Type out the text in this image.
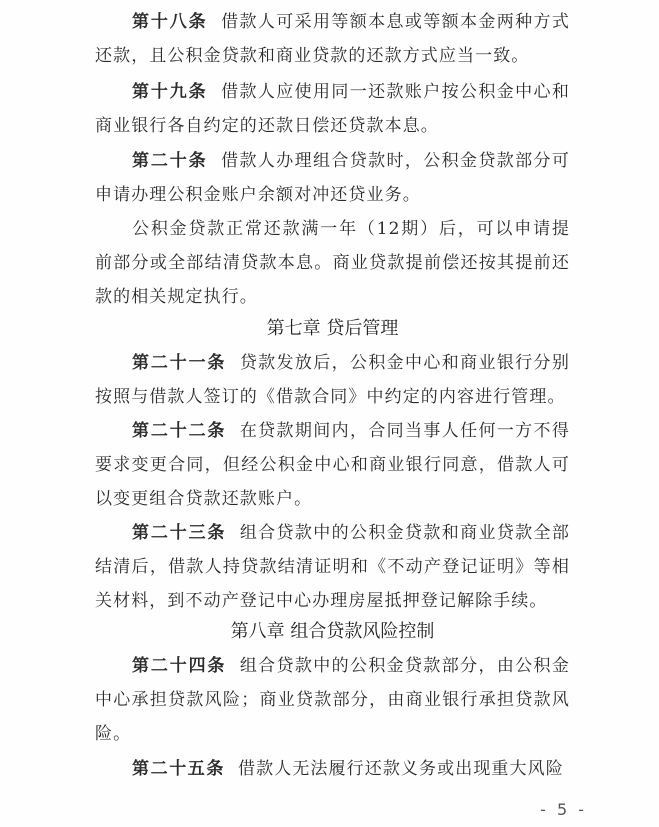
第十八条 借款人可采用等额本息或等额本金两种方式还款，且公积金贷款和商业贷款的还款方式应当一致。

第十九条 借款人应使用同一还款账户按公积金中心和商业银行各自约定的还款日偿还贷款本息。

第二十条 借款人办理组合贷款时，公积金贷款部分可申请办理公积金账户余额对冲还贷业务。

公积金贷款正常还款满一年（12期）后，可以申请提前部分或全部结清贷款本息。商业贷款提前偿还按其提前还款的相关规定执行。

第七章 贷后管理

第二十一条 贷款发放后，公积金中心和商业银行分别按照与借款人签订的《借款合同》中约定的内容进行管理。

第二十二条 在贷款期间内，合同当事人任何一方不得要求变更合同，但经公积金中心和商业银行同意，借款人可以变更组合贷款还款账户。

第二十三条 组合贷款中的公积金贷款和商业贷款全部结清后，借款人持贷款结清证明和《不动产登记证明》等相关材料，到不动产登记中心办理房屋抵押登记解除手续。

第八章 组合贷款风险控制

第二十四条 组合贷款中的公积金贷款部分，由公积金中心承担贷款风险；商业贷款部分，由商业银行承担贷款风险。

第二十五条 借款人无法履行还款义务或出现重大风险

- 5 -
